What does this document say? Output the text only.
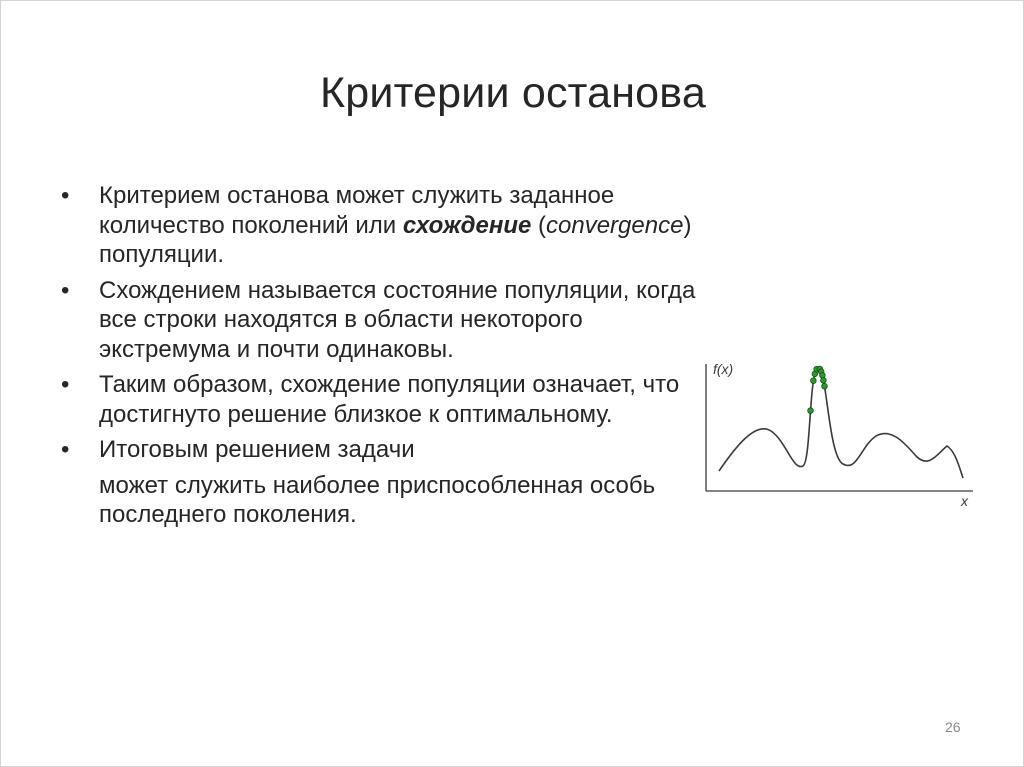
Критерии останова
• Критерием останова может служить заданное количество поколений или схождение (convergence) популяции.
• Схождением называется состояние популяции, когда все строки находятся в области некоторого экстремума и почти одинаковы.
• Таким образом, схождение популяции означает, что достигнуто решение близкое к оптимальному.
• Итоговым решением задачи
может служить наиболее приспособленная особь последнего поколения.
f(x)
x
26
